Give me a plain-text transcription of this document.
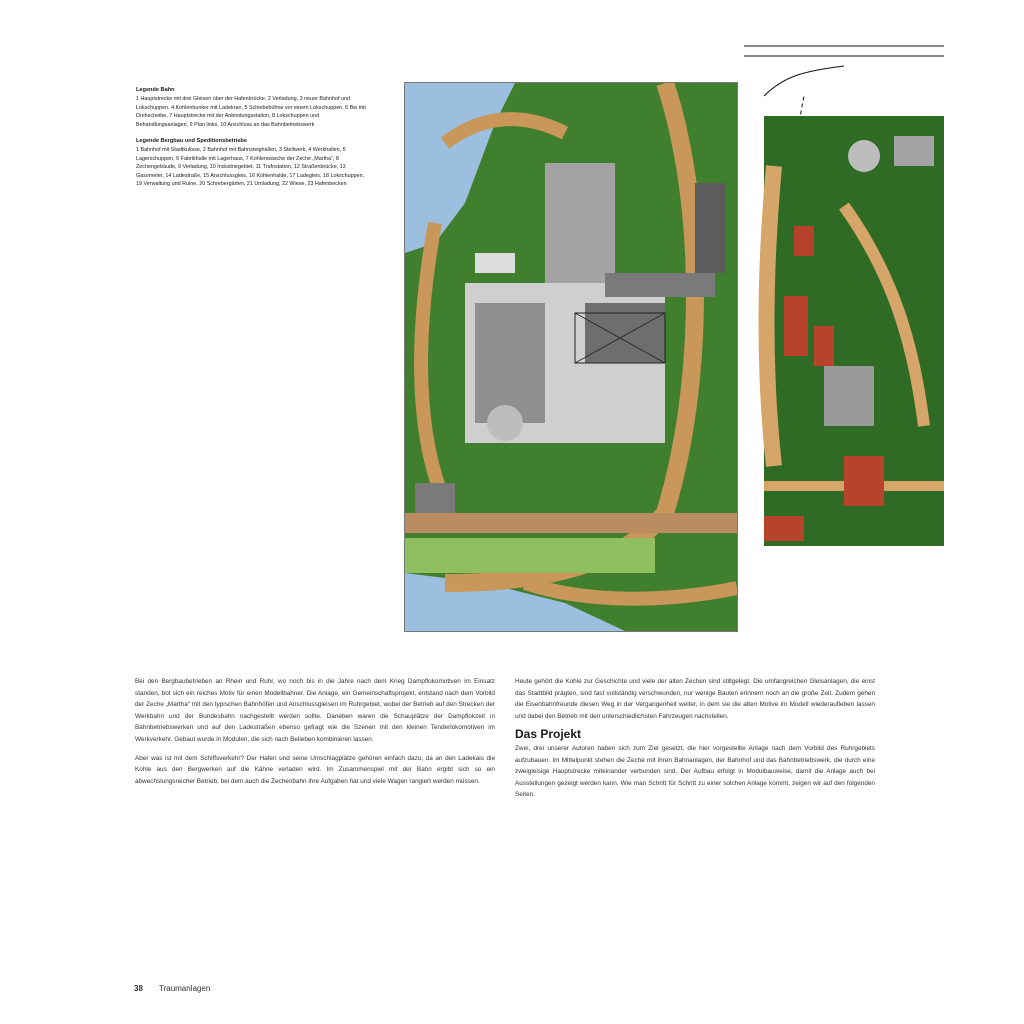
Legende Bahn

1 Hauptstrecke mit drei Gleisen über der Hafenbrücke, 2 Verladung, 3 neuer Bahnhof und Lokschuppen, 4 Kohlenbunker mit Ladekran, 5 Schiebebühne vor einem Lokschuppen, 6 Bw mit Drehscheibe, 7 Hauptstrecke mit der Anbindungsstation, 8 Lokschuppen und Behandlungsanlagen, 9 Plan links, 10 Anschluss an das Bahnbetriebswerk

Legende Bergbau und Speditionsbetriebe

1 Bahnhof mit Stadtkulisse, 2 Bahnhof mit Bahnsteighallen, 3 Stellwerk, 4 Werkhallen, 5 Lagerschuppen, 6 Fabrikhalle mit Lagerhaus, 7 Kohlenwäsche der Zeche „Martha“, 8 Zechengebäude, 9 Verladung, 10 Industriegebiet, 11 Trafostation, 12 Straßenbrücke, 13 Gasometer, 14 Ladestraße, 15 Anschlussgleis, 16 Kohlenhalde, 17 Ladegleis, 18 Lokschuppen, 19 Verwaltung und Ruine, 20 Schrebergärten, 21 Umladung, 22 Wiese, 23 Hafenbecken

Bei den Bergbaubetrieben an Rhein und Ruhr, wo noch bis in die Jahre nach dem Krieg Dampflokomotiven im Einsatz standen, bot sich ein reiches Motiv für einen Modellbahner. Die Anlage, ein Gemeinschaftsprojekt, entstand nach dem Vorbild der Zeche „Martha“ mit den typischen Bahnhöfen und Anschlussgleisen im Ruhrgebiet, wobei der Betrieb auf den Strecken der Werkbahn und der Bundesbahn nachgestellt werden sollte. Daneben waren die Schauplätze der Dampflokzeit in Bahnbetriebswerken und auf den Ladestraßen ebenso gefragt wie die Szenen mit den kleinen Tenderlokomotiven im Werkverkehr. Gebaut wurde in Modulen, die sich nach Belieben kombinieren lassen.

Aber was ist mit dem Schiffsverkehr? Der Hafen und seine Umschlagplätze gehören einfach dazu, da an den Ladekais die Kohle aus den Bergwerken auf die Kähne verladen wird. Im Zusammenspiel mit der Bahn ergibt sich so ein abwechslungsreicher Betrieb, bei dem auch die Zechenbahn ihre Aufgaben hat und viele Wagen rangiert werden müssen.

Heute gehört die Kohle zur Geschichte und viele der alten Zechen sind stillgelegt. Die umfangreichen Gleisanlagen, die einst das Stadtbild prägten, sind fast vollständig verschwunden, nur wenige Bauten erinnern noch an die große Zeit. Zudem gehen die Eisenbahnfreunde diesen Weg in der Vergangenheit weiter, in dem sie die alten Motive im Modell wiederaufleben lassen und dabei den Betrieb mit den unterschiedlichsten Fahrzeugen nachstellen.

Das Projekt

Zwei, drei unserer Autoren haben sich zum Ziel gesetzt, die hier vorgestellte Anlage nach dem Vorbild des Ruhrgebiets aufzubauen. Im Mittelpunkt stehen die Zeche mit ihren Bahnanlagen, der Bahnhof und das Bahnbetriebswerk, die durch eine zweigleisige Hauptstrecke miteinander verbunden sind. Der Aufbau erfolgt in Modulbauweise, damit die Anlage auch bei Ausstellungen gezeigt werden kann. Wie man Schritt für Schritt zu einer solchen Anlage kommt, zeigen wir auf den folgenden Seiten.

38 Traumanlagen
